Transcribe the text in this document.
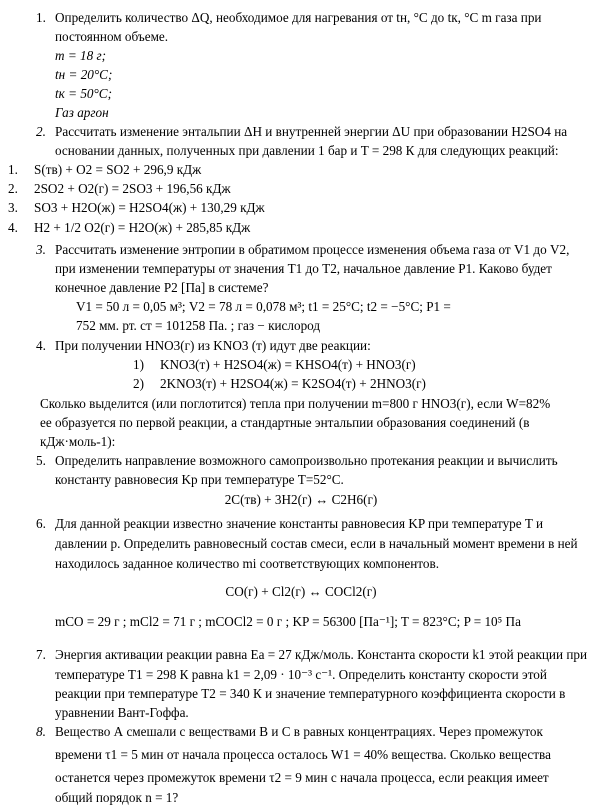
1. Определить количество ΔQ, необходимое для нагревания от tн, °C до tк, °C m газа при
постоянном объеме.
m = 18 г;
tн = 20°C;
tк = 50°C;
Газ аргон
2. Рассчитать изменение энтальпии ΔH и внутренней энергии ΔU при образовании H2SO4 на
основании данных, полученных при давлении 1 бар и T = 298 К для следующих реакций:
1. S(тв) + O2 = SO2 + 296,9 кДж
2. 2SO2 + O2(г) = 2SO3 + 196,56 кДж
3. SO3 + H2O(ж) = H2SO4(ж) + 130,29 кДж
4. H2 + 1/2 O2(г) = H2O(ж) + 285,85 кДж
3. Рассчитать изменение энтропии в обратимом процессе изменения объема газа от V1 до V2,
при изменении температуры от значения T1 до T2, начальное давление P1. Каково будет
конечное давление P2 [Па] в системе?
V1 = 50 л = 0,05 м³; V2 = 78 л = 0,078 м³; t1 = 25°C; t2 = −5°C; P1 =
752 мм. рт. ст = 101258 Па. ; газ − кислород
4. При получении HNO3(г) из KNO3 (т) идут две реакции:
1) KNO3(т) + H2SO4(ж) = KHSO4(т) + HNO3(г)
2) 2KNO3(т) + H2SO4(ж) = K2SO4(т) + 2HNO3(г)
Сколько выделится (или поглотится) тепла при получении m=800 г HNO3(г), если W=82%
ее образуется по первой реакции, а стандартные энтальпии образования соединений (в
кДж·моль-1):
5. Определить направление возможного самопроизвольно протекания реакции и вычислить
константу равновесия Kр при температуре T=52°C.
2C(тв) + 3H2(г) ↔ C2H6(г)
6. Для данной реакции известно значение константы равновесия KP при температуре T и
давлении p. Определить равновесный состав смеси, если в начальный момент времени в ней
находилось заданное количество mi соответствующих компонентов.
CO(г) + Cl2(г) ↔ COCl2(г)
mCO = 29 г ; mCl2 = 71 г ; mCOCl2 = 0 г ; KP = 56300 [Па⁻¹]; T = 823°C; P = 10⁵ Па
7. Энергия активации реакции равна Ea = 27 кДж/моль. Константа скорости k1 этой реакции при
температуре T1 = 298 К равна k1 = 2,09 · 10⁻³ с⁻¹. Определить константу скорости этой
реакции при температуре T2 = 340 К и значение температурного коэффициента скорости в
уравнении Вант-Гоффа.
8. Вещество А смешали с веществами В и С в равных концентрациях. Через промежуток
времени τ1 = 5 мин от начала процесса осталось W1 = 40% вещества. Сколько вещества
останется через промежуток времени τ2 = 9 мин с начала процесса, если реакция имеет
общий порядок n = 1?
